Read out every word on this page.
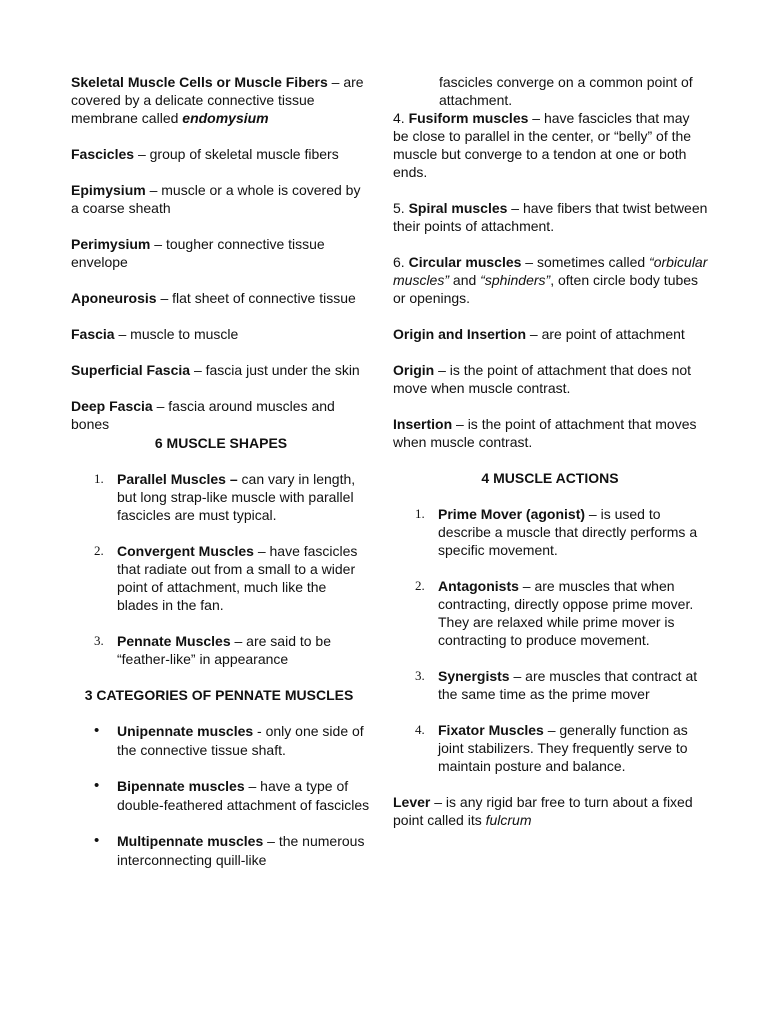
Skeletal Muscle Cells or Muscle Fibers – are covered by a delicate connective tissue membrane called endomysium

Fascicles – group of skeletal muscle fibers

Epimysium – muscle or a whole is covered by a coarse sheath

Perimysium – tougher connective tissue envelope

Aponeurosis – flat sheet of connective tissue

Fascia – muscle to muscle

Superficial Fascia – fascia just under the skin

Deep Fascia – fascia around muscles and bones

6 MUSCLE SHAPES

1. Parallel Muscles – can vary in length, but long strap-like muscle with parallel fascicles are must typical.
2. Convergent Muscles – have fascicles that radiate out from a small to a wider point of attachment, much like the blades in the fan.
3. Pennate Muscles – are said to be “feather-like” in appearance

3 CATEGORIES OF PENNATE MUSCLES

• Unipennate muscles - only one side of the connective tissue shaft.
• Bipennate muscles – have a type of double-feathered attachment of fascicles
• Multipennate muscles – the numerous interconnecting quill-like

fascicles converge on a common point of attachment.

4. Fusiform muscles – have fascicles that may be close to parallel in the center, or “belly” of the muscle but converge to a tendon at one or both ends.

5. Spiral muscles – have fibers that twist between their points of attachment.

6. Circular muscles – sometimes called “orbicular muscles” and “sphinders”, often circle body tubes or openings.

Origin and Insertion – are point of attachment

Origin – is the point of attachment that does not move when muscle contrast.

Insertion – is the point of attachment that moves when muscle contrast.

4 MUSCLE ACTIONS

1. Prime Mover (agonist) – is used to describe a muscle that directly performs a specific movement.
2. Antagonists – are muscles that when contracting, directly oppose prime mover. They are relaxed while prime mover is contracting to produce movement.
3. Synergists – are muscles that contract at the same time as the prime mover
4. Fixator Muscles – generally function as joint stabilizers. They frequently serve to maintain posture and balance.

Lever – is any rigid bar free to turn about a fixed point called its fulcrum
